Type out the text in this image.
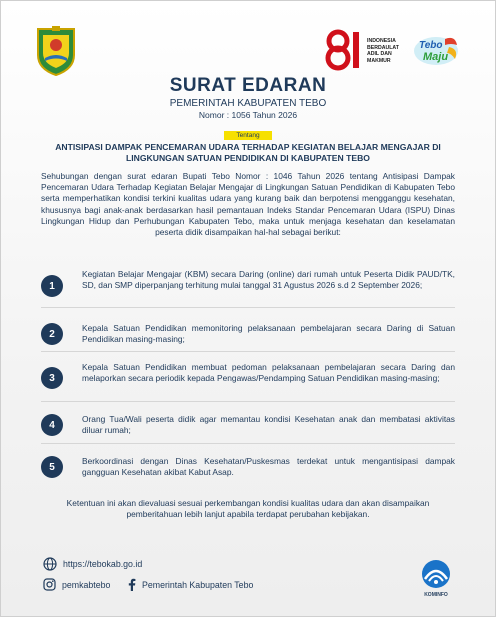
INDONESIA
BERDAULAT
ADIL DAN
MAKMUR
Tebo
Maju
SURAT EDARAN
PEMERINTAH KABUPATEN TEBO
Nomor : 1056 Tahun 2026
Tentang
ANTISIPASI DAMPAK PENCEMARAN UDARA TERHADAP KEGIATAN BELAJAR MENGAJAR DI LINGKUNGAN SATUAN PENDIDIKAN DI KABUPATEN TEBO
Sehubungan dengan surat edaran Bupati Tebo Nomor : 1046 Tahun 2026 tentang Antisipasi Dampak Pencemaran Udara Terhadap Kegiatan Belajar Mengajar di Lingkungan Satuan Pendidikan di Kabupaten Tebo serta memperhatikan kondisi terkini kualitas udara yang kurang baik dan berpotensi mengganggu kesehatan, khususnya bagi anak-anak berdasarkan hasil pemantauan Indeks Standar Pencemaran Udara (ISPU) Dinas Lingkungan Hidup dan Perhubungan Kabupaten Tebo, maka untuk menjaga kesehatan dan keselamatan peserta didik disampaikan hal-hal sebagai berikut:
1
Kegiatan Belajar Mengajar (KBM) secara Daring (online) dari rumah untuk Peserta Didik PAUD/TK, SD, dan SMP diperpanjang terhitung mulai tanggal 31 Agustus 2026 s.d 2 September 2026;
2
Kepala Satuan Pendidikan memonitoring pelaksanaan pembelajaran secara Daring di Satuan Pendidikan masing-masing;
3
Kepala Satuan Pendidikan membuat pedoman pelaksanaan pembelajaran secara Daring dan melaporkan secara periodik kepada Pengawas/Pendamping Satuan Pendidikan masing-masing;
4
Orang Tua/Wali peserta didik agar memantau kondisi Kesehatan anak dan membatasi aktivitas diluar rumah;
5
Berkoordinasi dengan Dinas Kesehatan/Puskesmas terdekat untuk mengantisipasi dampak gangguan Kesehatan akibat Kabut Asap.
Ketentuan ini akan dievaluasi sesuai perkembangan kondisi kualitas udara dan akan disampaikan pemberitahuan lebih lanjut apabila terdapat perubahan kebijakan.
https://tebokab.go.id
pemkabtebo	Pemerintah Kabupaten Tebo
KOMINFO
